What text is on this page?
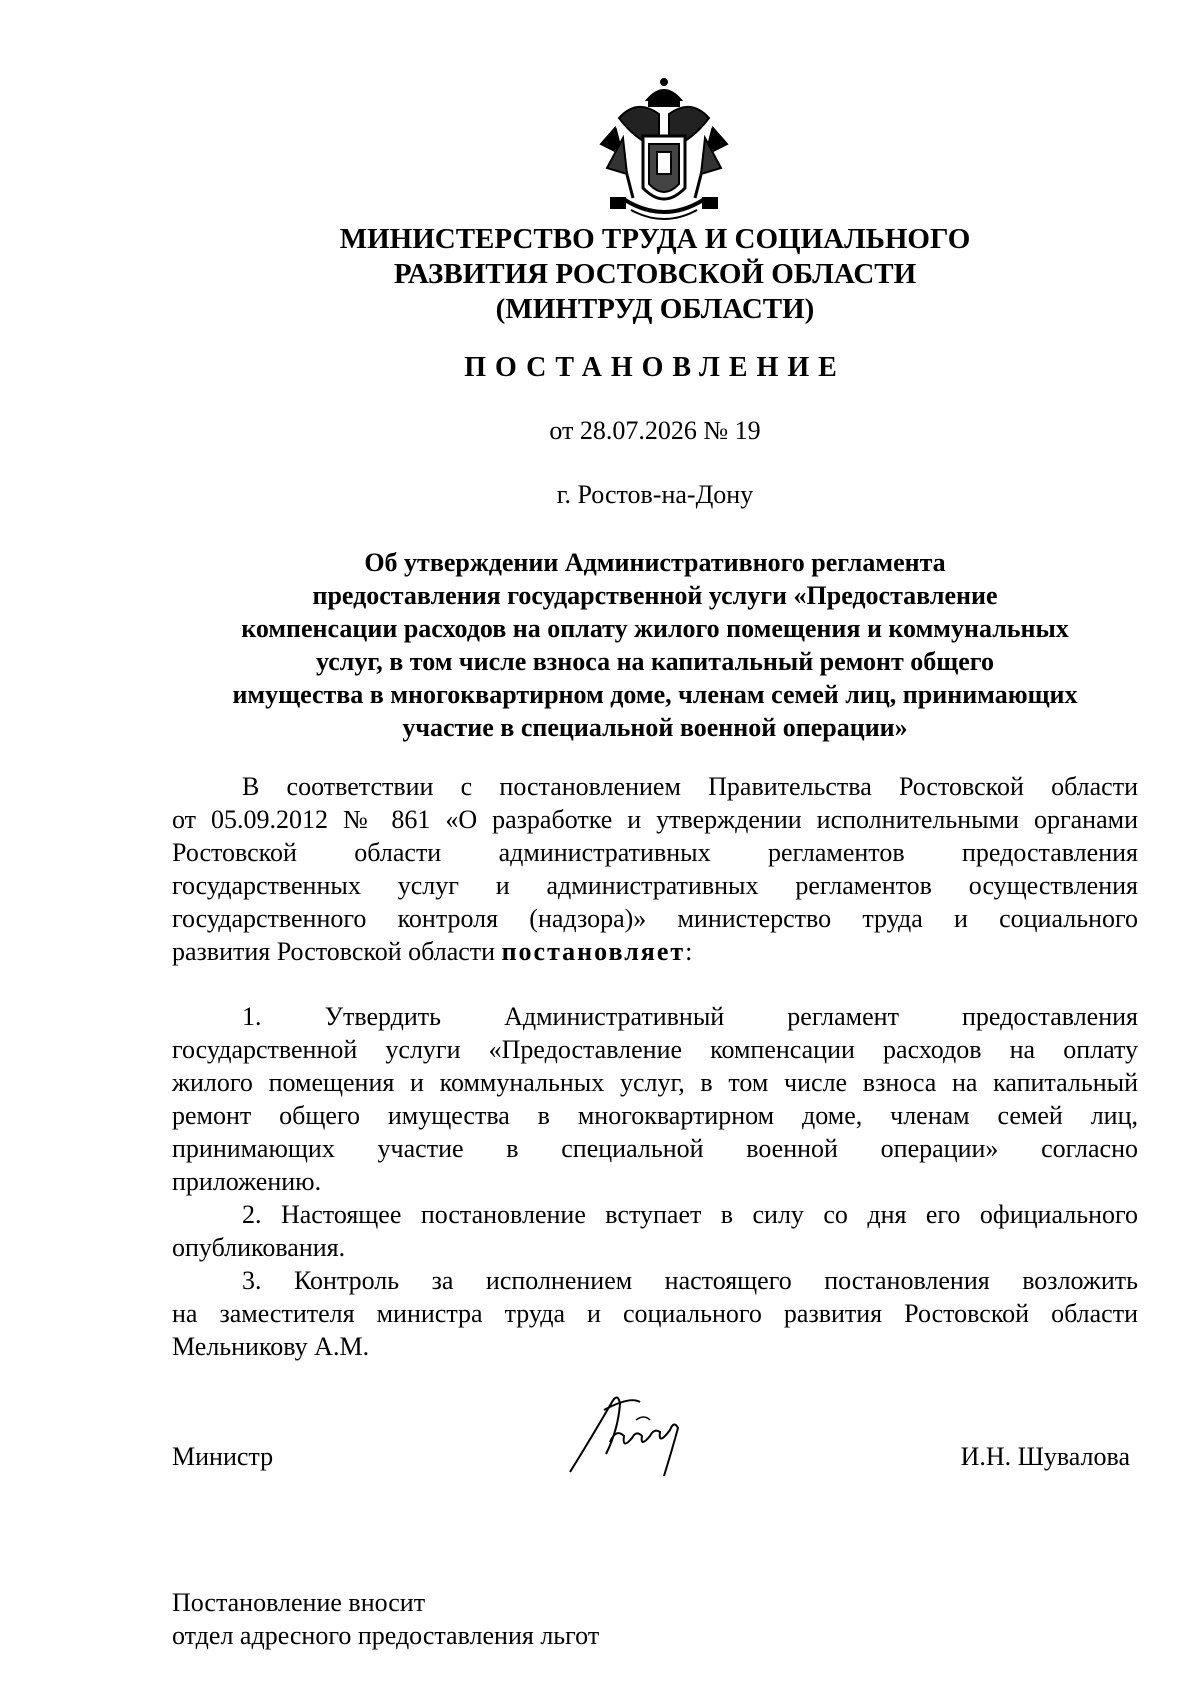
МИНИСТЕРСТВО ТРУДА И СОЦИАЛЬНОГО
РАЗВИТИЯ РОСТОВСКОЙ ОБЛАСТИ
(МИНТРУД ОБЛАСТИ)
ПОСТАНОВЛЕНИЕ
от 28.07.2026 № 19
г. Ростов-на-Дону
Об утверждении Административного регламента
предоставления государственной услуги «Предоставление
компенсации расходов на оплату жилого помещения и коммунальных
услуг, в том числе взноса на капитальный ремонт общего
имущества в многоквартирном доме, членам семей лиц, принимающих
участие в специальной военной операции»
В соответствии с постановлением Правительства Ростовской области
от 05.09.2012 № 861 «О разработке и утверждении исполнительными органами
Ростовской области административных регламентов предоставления
государственных услуг и административных регламентов осуществления
государственного контроля (надзора)» министерство труда и социального
развития Ростовской области постановляет:
1. Утвердить Административный регламент предоставления
государственной услуги «Предоставление компенсации расходов на оплату
жилого помещения и коммунальных услуг, в том числе взноса на капитальный
ремонт общего имущества в многоквартирном доме, членам семей лиц,
принимающих участие в специальной военной операции» согласно
приложению.
2. Настоящее постановление вступает в силу со дня его официального
опубликования.
3. Контроль за исполнением настоящего постановления возложить
на заместителя министра труда и социального развития Ростовской области
Мельникову А.М.
Министр	И.Н. Шувалова
Постановление вносит
отдел адресного предоставления льгот
